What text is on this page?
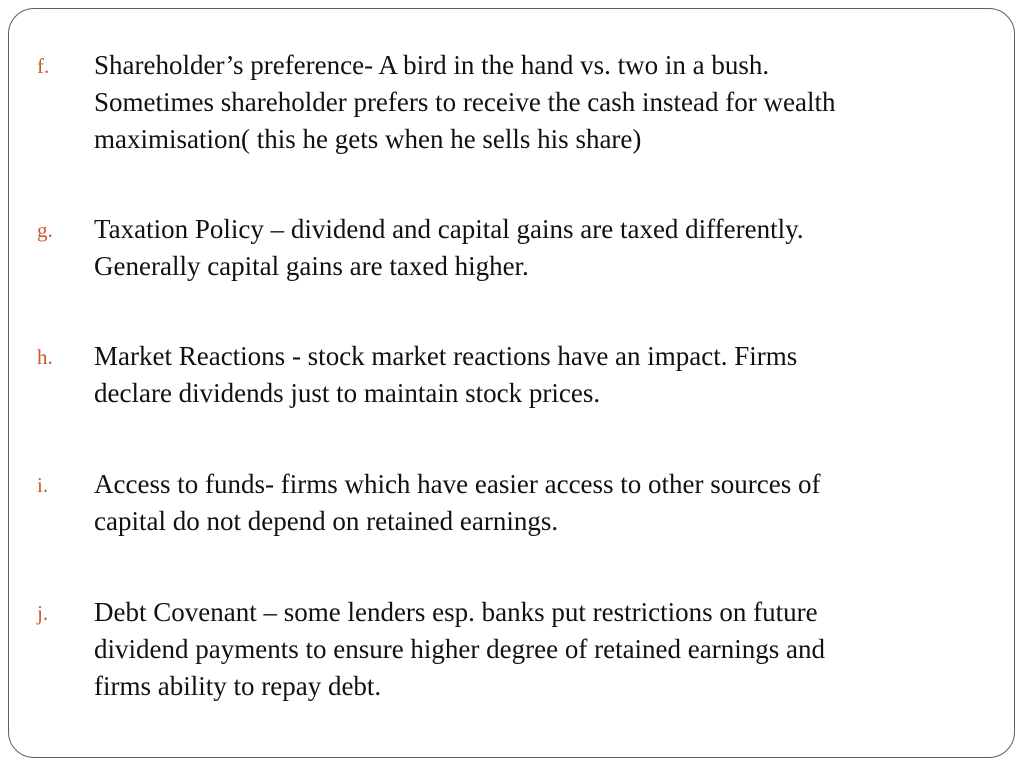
f. Shareholder’s preference- A bird in the hand vs. two in a bush.
Sometimes shareholder prefers to receive the cash instead for wealth
maximisation( this he gets when he sells his share)
g. Taxation Policy – dividend and capital gains are taxed differently.
Generally capital gains are taxed higher.
h. Market Reactions - stock market reactions have an impact. Firms
declare dividends just to maintain stock prices.
i. Access to funds- firms which have easier access to other sources of
capital do not depend on retained earnings.
j. Debt Covenant – some lenders esp. banks put restrictions on future
dividend payments to ensure higher degree of retained earnings and
firms ability to repay debt.
